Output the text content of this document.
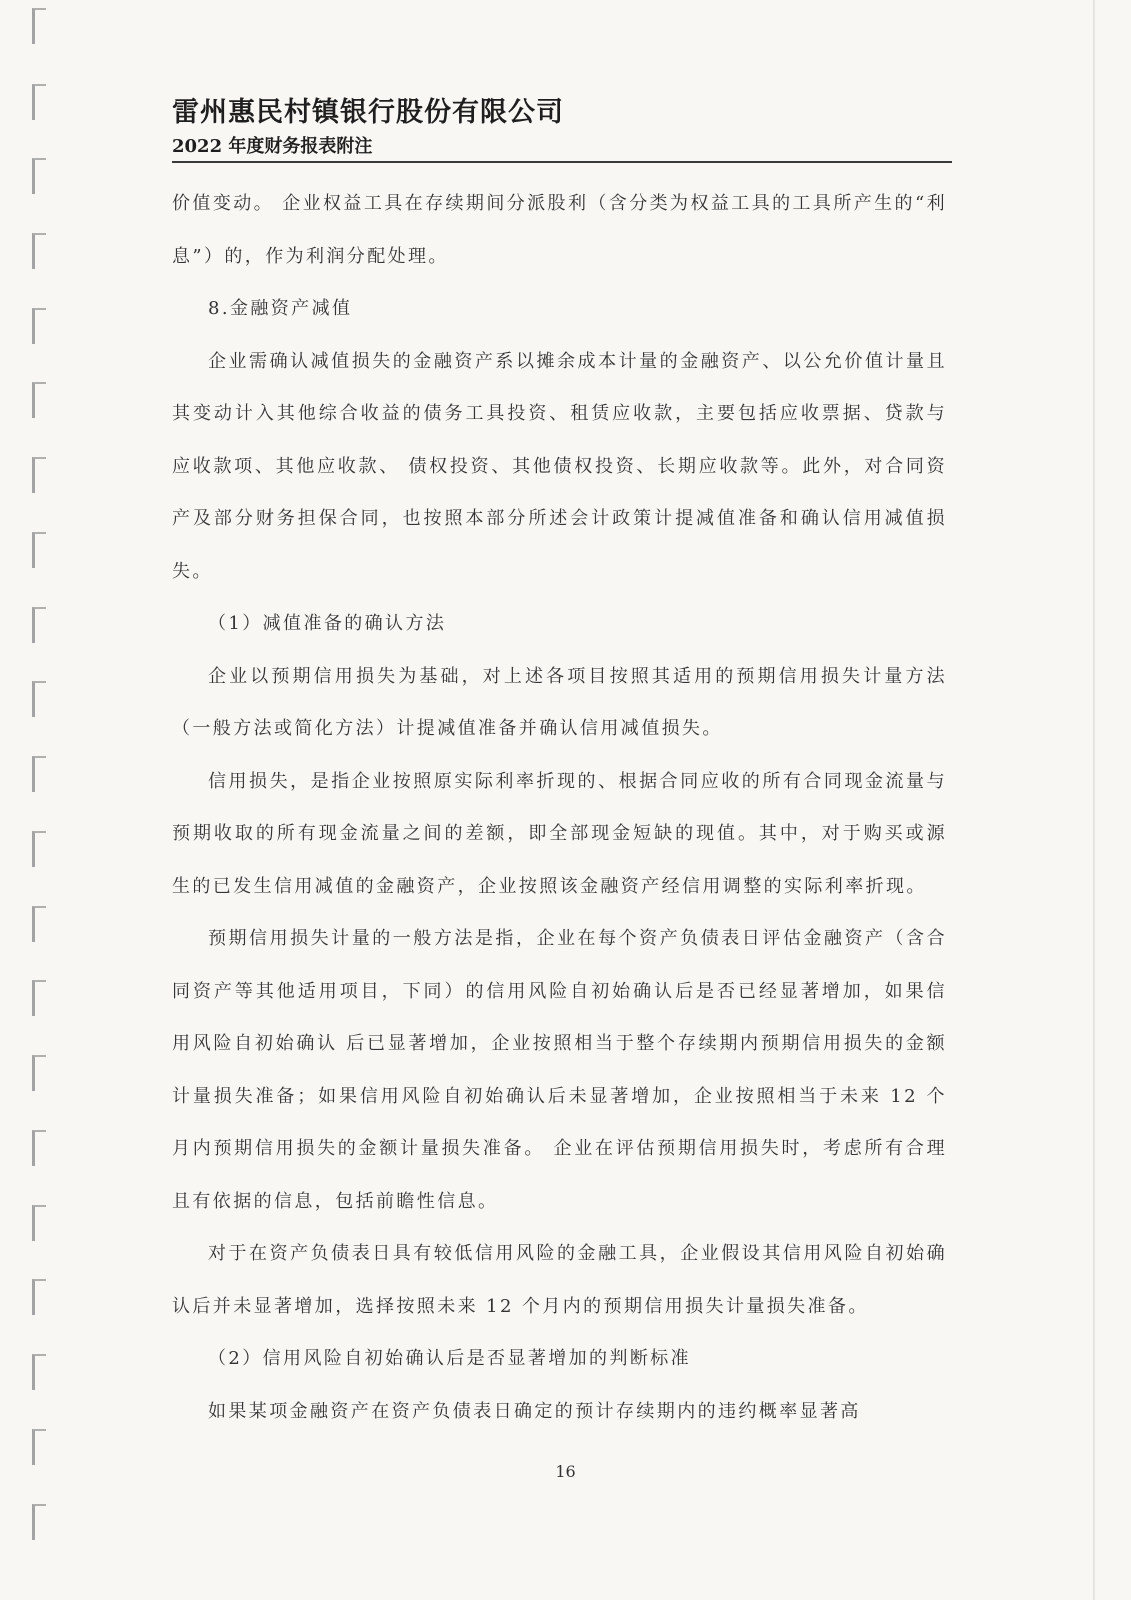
雷州惠民村镇银行股份有限公司
2022 年度财务报表附注

价值变动。 企业权益工具在存续期间分派股利（含分类为权益工具的工具所产生的“利息”）的，作为利润分配处理。

8.金融资产减值

企业需确认减值损失的金融资产系以摊余成本计量的金融资产、以公允价值计量且其变动计入其他综合收益的债务工具投资、租赁应收款，主要包括应收票据、贷款与应收款项、其他应收款、 债权投资、其他债权投资、长期应收款等。此外，对合同资产及部分财务担保合同，也按照本部分所述会计政策计提减值准备和确认信用减值损失。

（1）减值准备的确认方法

企业以预期信用损失为基础，对上述各项目按照其适用的预期信用损失计量方法（一般方法或简化方法）计提减值准备并确认信用减值损失。

信用损失，是指企业按照原实际利率折现的、根据合同应收的所有合同现金流量与预期收取的所有现金流量之间的差额，即全部现金短缺的现值。其中，对于购买或源生的已发生信用减值的金融资产，企业按照该金融资产经信用调整的实际利率折现。

预期信用损失计量的一般方法是指，企业在每个资产负债表日评估金融资产（含合同资产等其他适用项目，下同）的信用风险自初始确认后是否已经显著增加，如果信用风险自初始确认 后已显著增加，企业按照相当于整个存续期内预期信用损失的金额计量损失准备；如果信用风险自初始确认后未显著增加，企业按照相当于未来 12 个月内预期信用损失的金额计量损失准备。 企业在评估预期信用损失时，考虑所有合理且有依据的信息，包括前瞻性信息。

对于在资产负债表日具有较低信用风险的金融工具，企业假设其信用风险自初始确认后并未显著增加，选择按照未来 12 个月内的预期信用损失计量损失准备。

（2）信用风险自初始确认后是否显著增加的判断标准

如果某项金融资产在资产负债表日确定的预计存续期内的违约概率显著高

16
